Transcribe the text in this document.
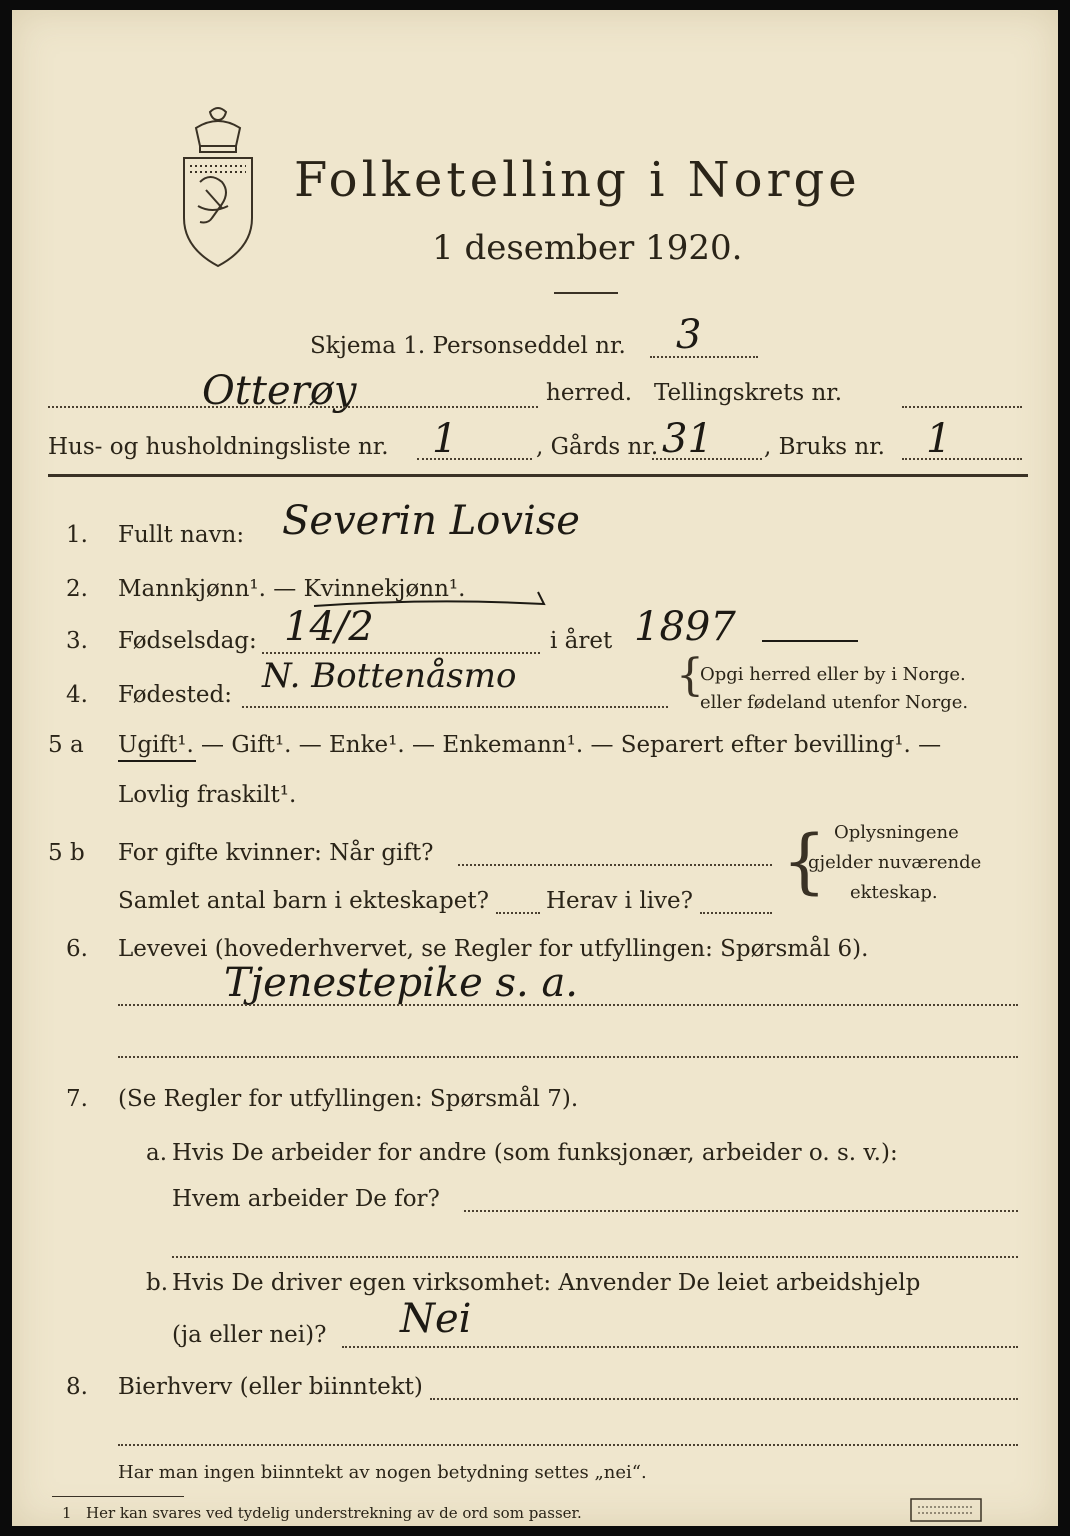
Folketelling i Norge
1 desember 1920.
Skjema 1. Personseddel nr. 3
Otterøy	herred. Tellingskrets nr.
Hus- og husholdningsliste nr. 1	, Gårds nr. 31 , Bruks nr. 1
1. Fullt navn: Severin Lovise
2. Mannkjønn¹. — Kvinnekjønn¹.
3. Fødselsdag: 14/2	i året 1897
4. Fødested: N. Bottenåsmo	{
Opgi herred eller by i Norge.
eller fødeland utenfor Norge.
5 a Ugift¹. — Gift¹. — Enke¹. — Enkemann¹. — Separert efter bevilling¹. —
Lovlig fraskilt¹.
5 b For gifte kvinner: Når gift?
Samlet antal barn i ekteskapet? Herav i live? { Oplysningene
gjelder nuværende
ekteskap.
6. Levevei (hovederhvervet, se Regler for utfyllingen: Spørsmål 6).
Tjenestepike s. a.
7. (Se Regler for utfyllingen: Spørsmål 7).
a. Hvis De arbeider for andre (som funksjonær, arbeider o. s. v.):
Hvem arbeider De for?
b. Hvis De driver egen virksomhet: Anvender De leiet arbeidshjelp
(ja eller nei)? Nei
8. Bierhverv (eller biinntekt)
Har man ingen biinntekt av nogen betydning settes „nei“.
1 Her kan svares ved tydelig understrekning av de ord som passer.
